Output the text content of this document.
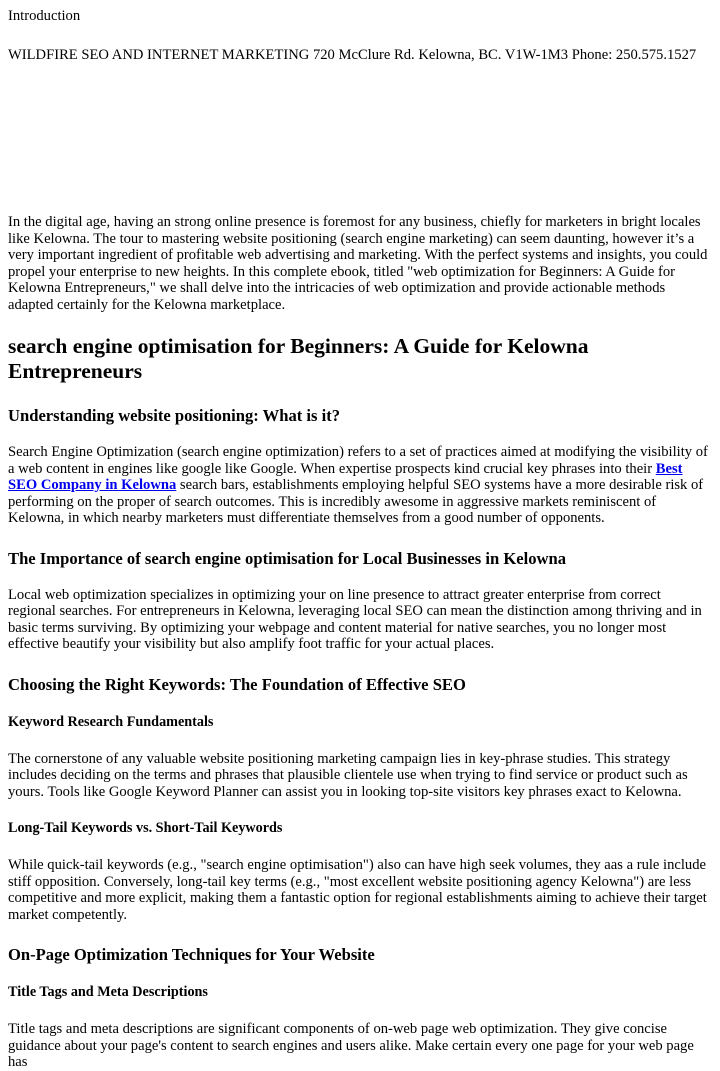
Introduction

WILDFIRE SEO AND INTERNET MARKETING 720 McClure Rd. Kelowna, BC. V1W-1M3 Phone: 250.575.1527

In the digital age, having an strong online presence is foremost for any business, chiefly for marketers in bright locales like Kelowna. The tour to mastering website positioning (search engine marketing) can seem daunting, however it’s a very important ingredient of profitable web advertising and marketing. With the perfect systems and insights, you could propel your enterprise to new heights. In this complete ebook, titled "web optimization for Beginners: A Guide for Kelowna Entrepreneurs," we shall delve into the intricacies of web optimization and provide actionable methods adapted certainly for the Kelowna marketplace.

search engine optimisation for Beginners: A Guide for Kelowna Entrepreneurs
Understanding website positioning: What is it?

Search Engine Optimization (search engine optimization) refers to a set of practices aimed at modifying the visibility of a web content in engines like google like Google. When expertise prospects kind crucial key phrases into their Best SEO Company in Kelowna search bars, establishments employing helpful SEO systems have a more desirable risk of performing on the proper of search outcomes. This is incredibly awesome in aggressive markets reminiscent of Kelowna, in which nearby marketers must differentiate themselves from a good number of opponents.

The Importance of search engine optimisation for Local Businesses in Kelowna

Local web optimization specializes in optimizing your on line presence to attract greater enterprise from correct regional searches. For entrepreneurs in Kelowna, leveraging local SEO can mean the distinction among thriving and in basic terms surviving. By optimizing your webpage and content material for native searches, you no longer most effective beautify your visibility but also amplify foot traffic for your actual places.

Choosing the Right Keywords: The Foundation of Effective SEO
Keyword Research Fundamentals

The cornerstone of any valuable website positioning marketing campaign lies in key-phrase studies. This strategy includes deciding on the terms and phrases that plausible clientele use when trying to find service or product such as yours. Tools like Google Keyword Planner can assist you in looking top-site visitors key phrases exact to Kelowna.

Long-Tail Keywords vs. Short-Tail Keywords

While quick-tail keywords (e.g., "search engine optimisation") also can have high seek volumes, they aas a rule include stiff opposition. Conversely, long-tail key terms (e.g., "most excellent website positioning agency Kelowna") are less competitive and more explicit, making them a fantastic option for regional establishments aiming to achieve their target market competently.

On-Page Optimization Techniques for Your Website
Title Tags and Meta Descriptions

Title tags and meta descriptions are significant components of on-web page web optimization. They give concise guidance about your page's content to search engines and users alike. Make certain every one page for your web page has
